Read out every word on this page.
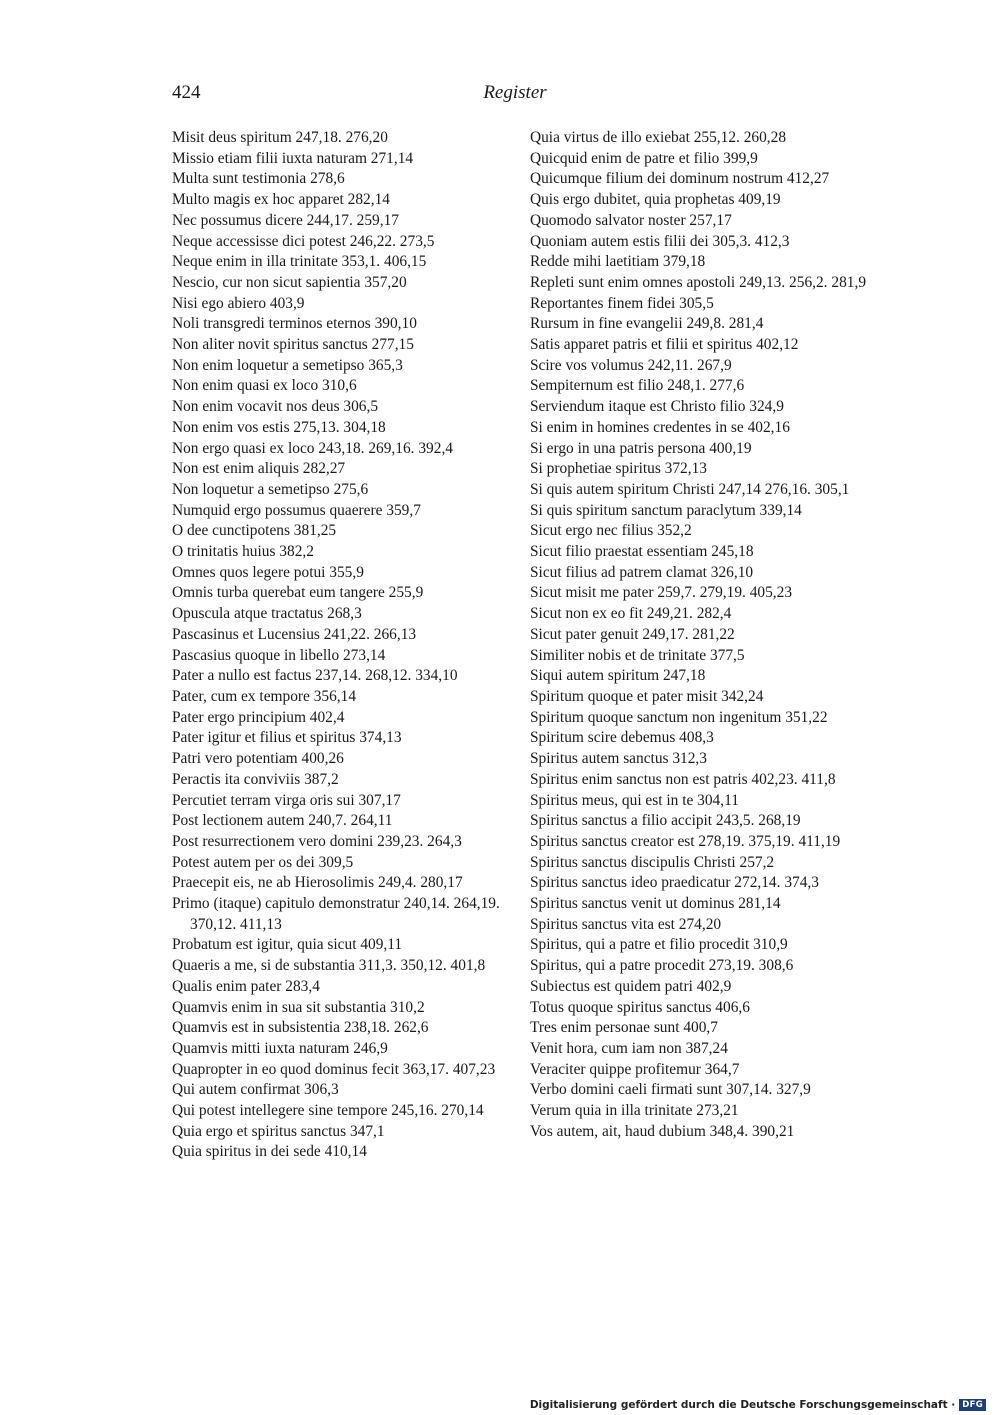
424	Register
Misit deus spiritum 247,18. 276,20
Missio etiam filii iuxta naturam 271,14
Multa sunt testimonia 278,6
Multo magis ex hoc apparet 282,14
Nec possumus dicere 244,17. 259,17
Neque accessisse dici potest 246,22. 273,5
Neque enim in illa trinitate 353,1. 406,15
Nescio, cur non sicut sapientia 357,20
Nisi ego abiero 403,9
Noli transgredi terminos eternos 390,10
Non aliter novit spiritus sanctus 277,15
Non enim loquetur a semetipso 365,3
Non enim quasi ex loco 310,6
Non enim vocavit nos deus 306,5
Non enim vos estis 275,13. 304,18
Non ergo quasi ex loco 243,18. 269,16. 392,4
Non est enim aliquis 282,27
Non loquetur a semetipso 275,6
Numquid ergo possumus quaerere 359,7
O dee cunctipotens 381,25
O trinitatis huius 382,2
Omnes quos legere potui 355,9
Omnis turba querebat eum tangere 255,9
Opuscula atque tractatus 268,3
Pascasinus et Lucensius 241,22. 266,13
Pascasius quoque in libello 273,14
Pater a nullo est factus 237,14. 268,12. 334,10
Pater, cum ex tempore 356,14
Pater ergo principium 402,4
Pater igitur et filius et spiritus 374,13
Patri vero potentiam 400,26
Peractis ita conviviis 387,2
Percutiet terram virga oris sui 307,17
Post lectionem autem 240,7. 264,11
Post resurrectionem vero domini 239,23. 264,3
Potest autem per os dei 309,5
Praecepit eis, ne ab Hierosolimis 249,4. 280,17
Primo (itaque) capitulo demonstratur 240,14. 264,19. 370,12. 411,13
Probatum est igitur, quia sicut 409,11
Quaeris a me, si de substantia 311,3. 350,12. 401,8
Qualis enim pater 283,4
Quamvis enim in sua sit substantia 310,2
Quamvis est in subsistentia 238,18. 262,6
Quamvis mitti iuxta naturam 246,9
Quapropter in eo quod dominus fecit 363,17. 407,23
Qui autem confirmat 306,3
Qui potest intellegere sine tempore 245,16. 270,14
Quia ergo et spiritus sanctus 347,1
Quia spiritus in dei sede 410,14
Quia virtus de illo exiebat 255,12. 260,28
Quicquid enim de patre et filio 399,9
Quicumque filium dei dominum nostrum 412,27
Quis ergo dubitet, quia prophetas 409,19
Quomodo salvator noster 257,17
Quoniam autem estis filii dei 305,3. 412,3
Redde mihi laetitiam 379,18
Repleti sunt enim omnes apostoli 249,13. 256,2. 281,9
Reportantes finem fidei 305,5
Rursum in fine evangelii 249,8. 281,4
Satis apparet patris et filii et spiritus 402,12
Scire vos volumus 242,11. 267,9
Sempiternum est filio 248,1. 277,6
Serviendum itaque est Christo filio 324,9
Si enim in homines credentes in se 402,16
Si ergo in una patris persona 400,19
Si prophetiae spiritus 372,13
Si quis autem spiritum Christi 247,14 276,16. 305,1
Si quis spiritum sanctum paraclytum 339,14
Sicut ergo nec filius 352,2
Sicut filio praestat essentiam 245,18
Sicut filius ad patrem clamat 326,10
Sicut misit me pater 259,7. 279,19. 405,23
Sicut non ex eo fit 249,21. 282,4
Sicut pater genuit 249,17. 281,22
Similiter nobis et de trinitate 377,5
Siqui autem spiritum 247,18
Spiritum quoque et pater misit 342,24
Spiritum quoque sanctum non ingenitum 351,22
Spiritum scire debemus 408,3
Spiritus autem sanctus 312,3
Spiritus enim sanctus non est patris 402,23. 411,8
Spiritus meus, qui est in te 304,11
Spiritus sanctus a filio accipit 243,5. 268,19
Spiritus sanctus creator est 278,19. 375,19. 411,19
Spiritus sanctus discipulis Christi 257,2
Spiritus sanctus ideo praedicatur 272,14. 374,3
Spiritus sanctus venit ut dominus 281,14
Spiritus sanctus vita est 274,20
Spiritus, qui a patre et filio procedit 310,9
Spiritus, qui a patre procedit 273,19. 308,6
Subiectus est quidem patri 402,9
Totus quoque spiritus sanctus 406,6
Tres enim personae sunt 400,7
Venit hora, cum iam non 387,24
Veraciter quippe profitemur 364,7
Verbo domini caeli firmati sunt 307,14. 327,9
Verum quia in illa trinitate 273,21
Vos autem, ait, haud dubium 348,4. 390,21
Digitalisierung gefördert durch die Deutsche Forschungsgemeinschaft · DFG
